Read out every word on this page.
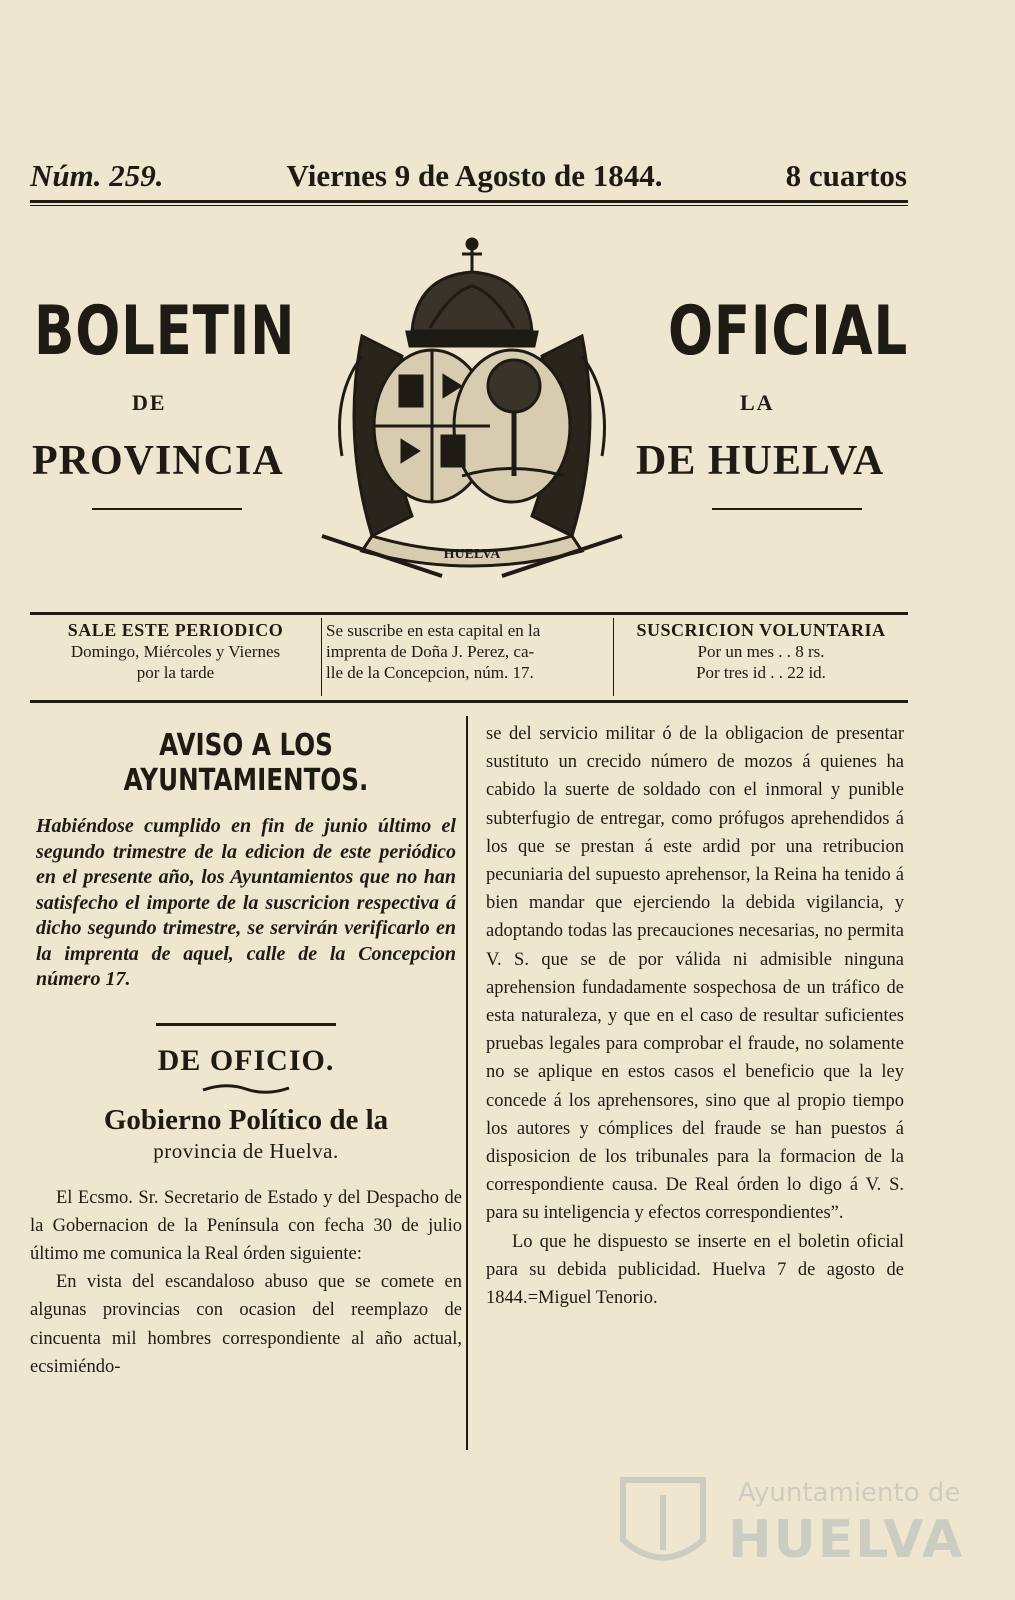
Núm. 259.	Viernes 9 de Agosto de 1844.	8 cuartos
BOLETIN	OFICIAL
DE	LA
PROVINCIA	DE HUELVA
HUELVA
SALE ESTE PERIODICO
Domingo, Miércoles y Viernes
por la tarde
Se suscribe en esta capital en la
imprenta de Doña J. Perez, ca-
lle de la Concepcion, núm. 17.
SUSCRICION VOLUNTARIA
Por un mes . . 8 rs.
Por tres id . . 22 id.
AVISO A LOS AYUNTAMIENTOS.

Habiéndose cumplido en fin de junio último el segundo trimestre de la edicion de este periódico en el presente año, los Ayuntamientos que no han satisfecho el importe de la suscricion respectiva á dicho segundo trimestre, se servirán verificarlo en la imprenta de aquel, calle de la Concepcion número 17.

DE OFICIO.
Gobierno Político de la
provincia de Huelva.

El Ecsmo. Sr. Secretario de Estado y del Despacho de la Gobernacion de la Península con fecha 30 de julio último me comunica la Real órden siguiente:

En vista del escandaloso abuso que se comete en algunas provincias con ocasion del reemplazo de cincuenta mil hombres correspondiente al año actual, ecsimiéndo-

se del servicio militar ó de la obligacion de presentar sustituto un crecido número de mozos á quienes ha cabido la suerte de soldado con el inmoral y punible subterfugio de entregar, como prófugos aprehendidos á los que se prestan á este ardid por una retribucion pecuniaria del supuesto aprehensor, la Reina ha tenido á bien mandar que ejerciendo la debida vigilancia, y adoptando todas las precauciones necesarias, no permita V. S. que se de por válida ni admisible ninguna aprehension fundadamente sospechosa de un tráfico de esta naturaleza, y que en el caso de resultar suficientes pruebas legales para comprobar el fraude, no solamente no se aplique en estos casos el beneficio que la ley concede á los aprehensores, sino que al propio tiempo los autores y cómplices del fraude se han puestos á disposicion de los tribunales para la formacion de la correspondiente causa. De Real órden lo digo á V. S. para su inteligencia y efectos correspondientes”.

Lo que he dispuesto se inserte en el boletin oficial para su debida publicidad. Huelva 7 de agosto de 1844.=Miguel Tenorio.

Ayuntamiento de
HUELVA
